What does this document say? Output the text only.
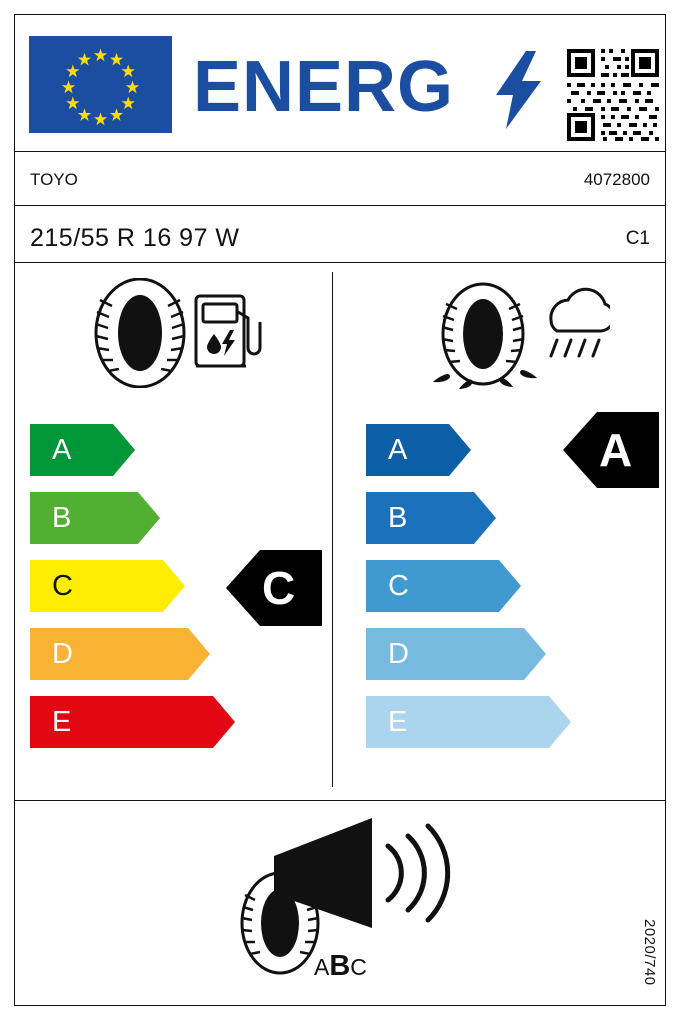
ENERG
TOYO	4072800
215/55 R 16 97 W	C1
A
B
C
D
E
C
A
B
C
D
E
A
70 dB
ABC	2020/740
